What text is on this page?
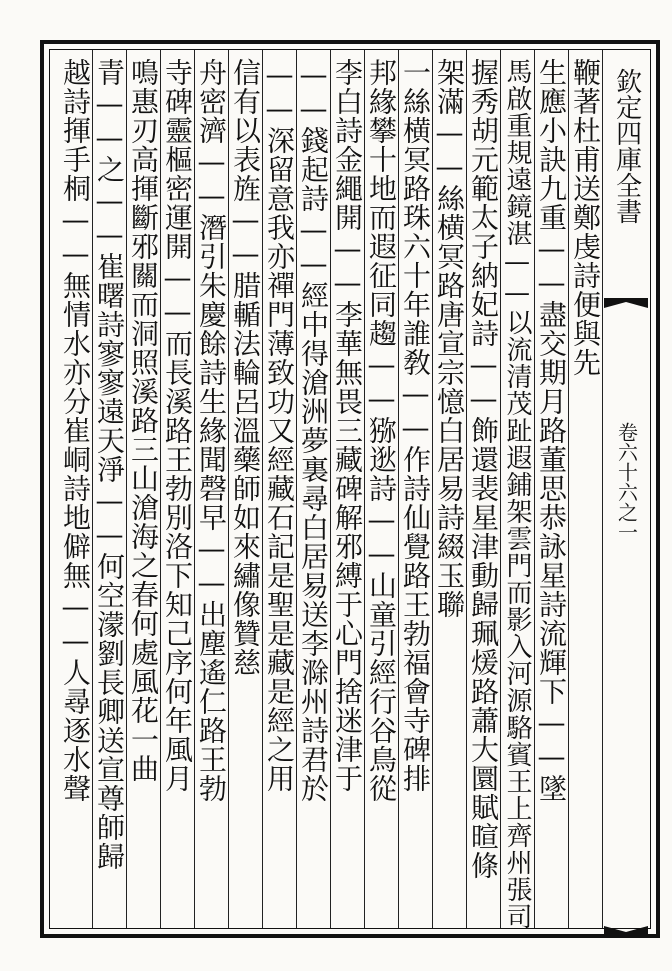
欽定四庫全書
卷六十六之一
鞭著杜甫送鄭虔詩便與先
生應小訣九重——盡交期月路董思恭詠星詩流輝下——墜
馬啟重規遠鏡湛——以流清茂趾遐鋪架雲門而影入河源駱賓王上齊州張司
握秀胡元範太子納妃詩——飾還裴星津動歸珮煖路蕭大圜賦暄條
架滿——絲横冥路唐宣宗憶白居易詩綴玉聯
一絲横冥路珠六十年誰敎——作詩仙覺路王勃福會寺碑排
邦緣攀十地而遐征同趨——猕逖詩——山童引經行谷鳥從
李白詩金繩開——李華無畏三藏碑解邪縛于心門捨迷津于
——錢起詩——經中得滄洲夢裏尋白居易送李滁州詩君於
——深留意我亦禪門薄致功又經藏石記是聖是藏是經之用
信有以表旌——腊輴法輪呂溫藥師如來繡像贊慈
舟密濟——潛引朱慶餘詩生緣聞磬早——出塵遙仁路王勃
寺碑靈樞密運開——而長溪路王勃別洛下知己序何年風月
鳴惠刃高揮斷邪關而洞照溪路三山滄海之春何處風花一曲
青——之——崔曙詩寥寥遠天淨——何空濛劉長卿送宣尊師歸
越詩揮手桐——無情水亦分崔峒詩地僻無——人尋逐水聲
